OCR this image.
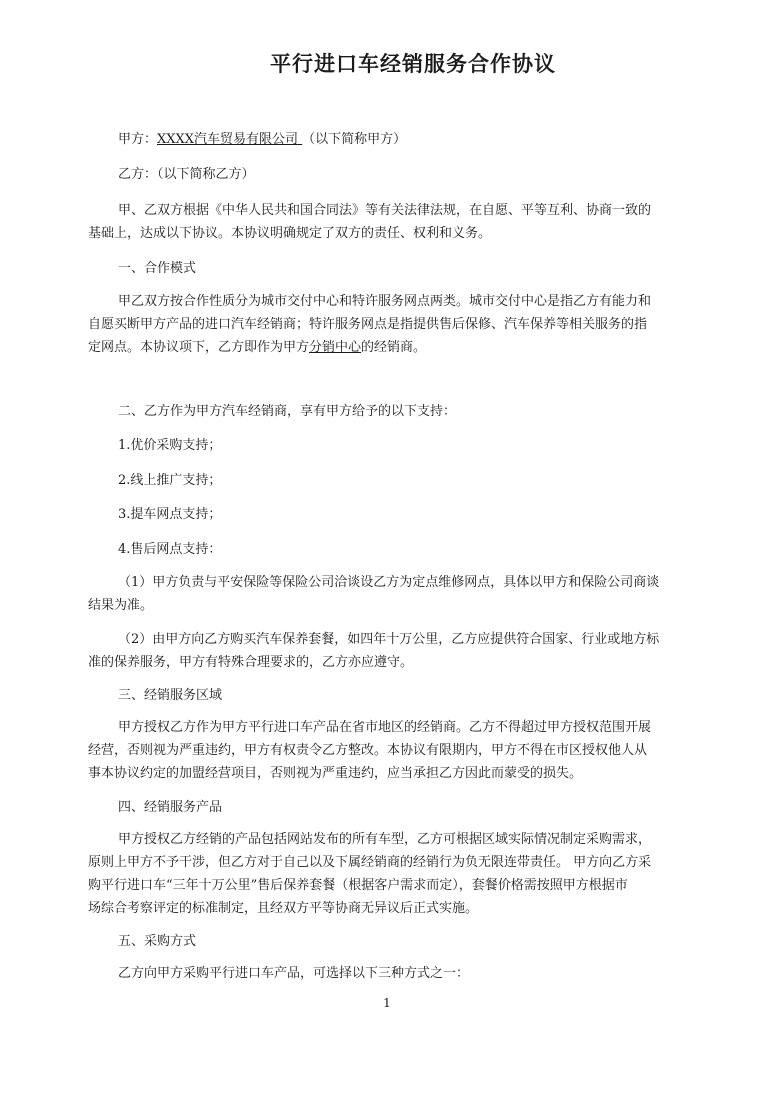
平行进口车经销服务合作协议
甲方：XXXX汽车贸易有限公司 （以下简称甲方）
乙方：（以下简称乙方）
甲、乙双方根据《中华人民共和国合同法》等有关法律法规，在自愿、平等互利、协商一致的
基础上，达成以下协议。本协议明确规定了双方的责任、权利和义务。
一、合作模式
甲乙双方按合作性质分为城市交付中心和特许服务网点两类。城市交付中心是指乙方有能力和
自愿买断甲方产品的进口汽车经销商；特许服务网点是指提供售后保修、汽车保养等相关服务的指
定网点。本协议项下，乙方即作为甲方分销中心的经销商。
二、乙方作为甲方汽车经销商，享有甲方给予的以下支持：
1.优价采购支持；
2.线上推广支持；
3.提车网点支持；
4.售后网点支持：
（1）甲方负责与平安保险等保险公司洽谈设乙方为定点维修网点，具体以甲方和保险公司商谈
结果为准。
（2）由甲方向乙方购买汽车保养套餐，如四年十万公里，乙方应提供符合国家、行业或地方标
准的保养服务，甲方有特殊合理要求的，乙方亦应遵守。
三、经销服务区域
甲方授权乙方作为甲方平行进口车产品在省市地区的经销商。乙方不得超过甲方授权范围开展
经营，否则视为严重违约，甲方有权责令乙方整改。本协议有限期内，甲方不得在市区授权他人从
事本协议约定的加盟经营项目，否则视为严重违约，应当承担乙方因此而蒙受的损失。
四、经销服务产品
甲方授权乙方经销的产品包括网站发布的所有车型，乙方可根据区域实际情况制定采购需求，
原则上甲方不予干涉，但乙方对于自己以及下属经销商的经销行为负无限连带责任。 甲方向乙方采
购平行进口车“三年十万公里”售后保养套餐（根据客户需求而定），套餐价格需按照甲方根据市
场综合考察评定的标准制定，且经双方平等协商无异议后正式实施。
五、采购方式
乙方向甲方采购平行进口车产品，可选择以下三种方式之一：
1
